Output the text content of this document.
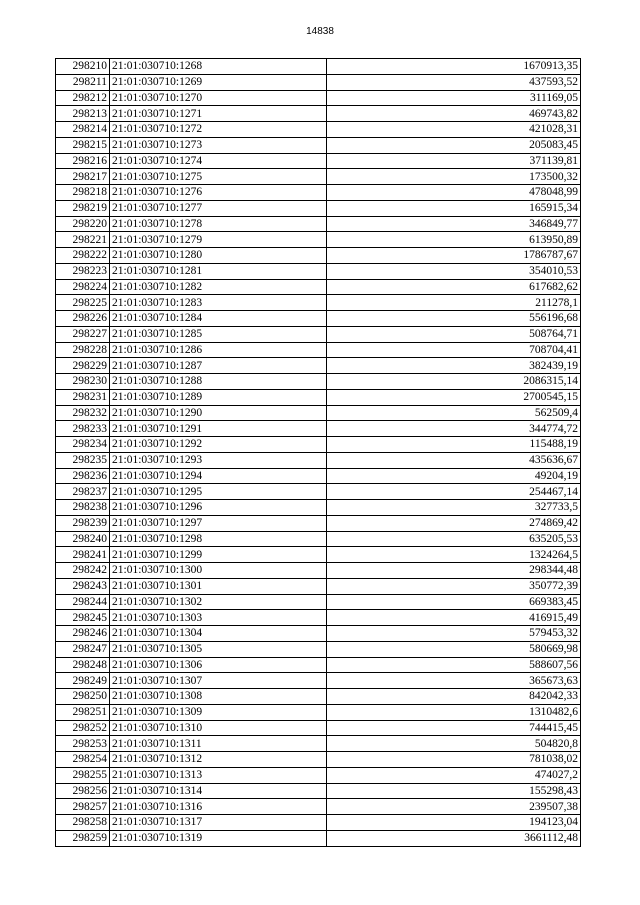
14838
298210	21:01:030710:1268	1670913,35
298211	21:01:030710:1269	437593,52
298212	21:01:030710:1270	311169,05
298213	21:01:030710:1271	469743,82
298214	21:01:030710:1272	421028,31
298215	21:01:030710:1273	205083,45
298216	21:01:030710:1274	371139,81
298217	21:01:030710:1275	173500,32
298218	21:01:030710:1276	478048,99
298219	21:01:030710:1277	165915,34
298220	21:01:030710:1278	346849,77
298221	21:01:030710:1279	613950,89
298222	21:01:030710:1280	1786787,67
298223	21:01:030710:1281	354010,53
298224	21:01:030710:1282	617682,62
298225	21:01:030710:1283	211278,1
298226	21:01:030710:1284	556196,68
298227	21:01:030710:1285	508764,71
298228	21:01:030710:1286	708704,41
298229	21:01:030710:1287	382439,19
298230	21:01:030710:1288	2086315,14
298231	21:01:030710:1289	2700545,15
298232	21:01:030710:1290	562509,4
298233	21:01:030710:1291	344774,72
298234	21:01:030710:1292	115488,19
298235	21:01:030710:1293	435636,67
298236	21:01:030710:1294	49204,19
298237	21:01:030710:1295	254467,14
298238	21:01:030710:1296	327733,5
298239	21:01:030710:1297	274869,42
298240	21:01:030710:1298	635205,53
298241	21:01:030710:1299	1324264,5
298242	21:01:030710:1300	298344,48
298243	21:01:030710:1301	350772,39
298244	21:01:030710:1302	669383,45
298245	21:01:030710:1303	416915,49
298246	21:01:030710:1304	579453,32
298247	21:01:030710:1305	580669,98
298248	21:01:030710:1306	588607,56
298249	21:01:030710:1307	365673,63
298250	21:01:030710:1308	842042,33
298251	21:01:030710:1309	1310482,6
298252	21:01:030710:1310	744415,45
298253	21:01:030710:1311	504820,8
298254	21:01:030710:1312	781038,02
298255	21:01:030710:1313	474027,2
298256	21:01:030710:1314	155298,43
298257	21:01:030710:1316	239507,38
298258	21:01:030710:1317	194123,04
298259	21:01:030710:1319	3661112,48
